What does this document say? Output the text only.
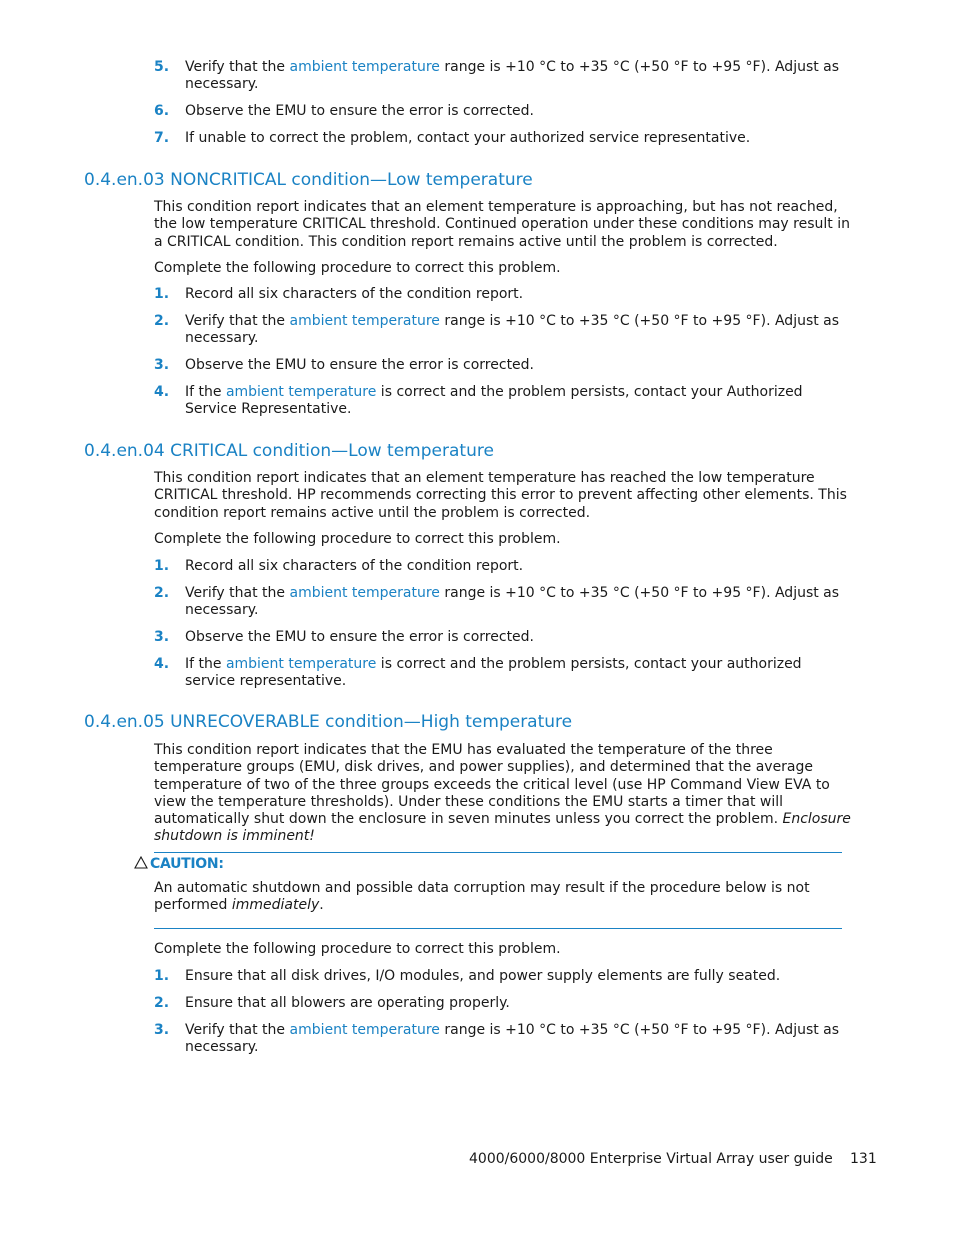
5. Verify that the ambient temperature range is +10 °C to +35 °C (+50 °F to +95 °F). Adjust as necessary.
6. Observe the EMU to ensure the error is corrected.
7. If unable to correct the problem, contact your authorized service representative.
0.4.en.03 NONCRITICAL condition—Low temperature

This condition report indicates that an element temperature is approaching, but has not reached, the low temperature CRITICAL threshold. Continued operation under these conditions may result in a CRITICAL condition. This condition report remains active until the problem is corrected.

Complete the following procedure to correct this problem.

1. Record all six characters of the condition report.
2. Verify that the ambient temperature range is +10 °C to +35 °C (+50 °F to +95 °F). Adjust as necessary.
3. Observe the EMU to ensure the error is corrected.
4. If the ambient temperature is correct and the problem persists, contact your Authorized Service Representative.
0.4.en.04 CRITICAL condition—Low temperature

This condition report indicates that an element temperature has reached the low temperature CRITICAL threshold. HP recommends correcting this error to prevent affecting other elements. This condition report remains active until the problem is corrected.

Complete the following procedure to correct this problem.

1. Record all six characters of the condition report.
2. Verify that the ambient temperature range is +10 °C to +35 °C (+50 °F to +95 °F). Adjust as necessary.
3. Observe the EMU to ensure the error is corrected.
4. If the ambient temperature is correct and the problem persists, contact your authorized service representative.
0.4.en.05 UNRECOVERABLE condition—High temperature

This condition report indicates that the EMU has evaluated the temperature of the three temperature groups (EMU, disk drives, and power supplies), and determined that the average temperature of two of the three groups exceeds the critical level (use HP Command View EVA to view the temperature thresholds). Under these conditions the EMU starts a timer that will automatically shut down the enclosure in seven minutes unless you correct the problem. Enclosure shutdown is imminent!

CAUTION:
An automatic shutdown and possible data corruption may result if the procedure below is not performed immediately.

Complete the following procedure to correct this problem.

1. Ensure that all disk drives, I/O modules, and power supply elements are fully seated.
2. Ensure that all blowers are operating properly.
3. Verify that the ambient temperature range is +10 °C to +35 °C (+50 °F to +95 °F). Adjust as necessary.
4000/6000/8000 Enterprise Virtual Array user guide 131
